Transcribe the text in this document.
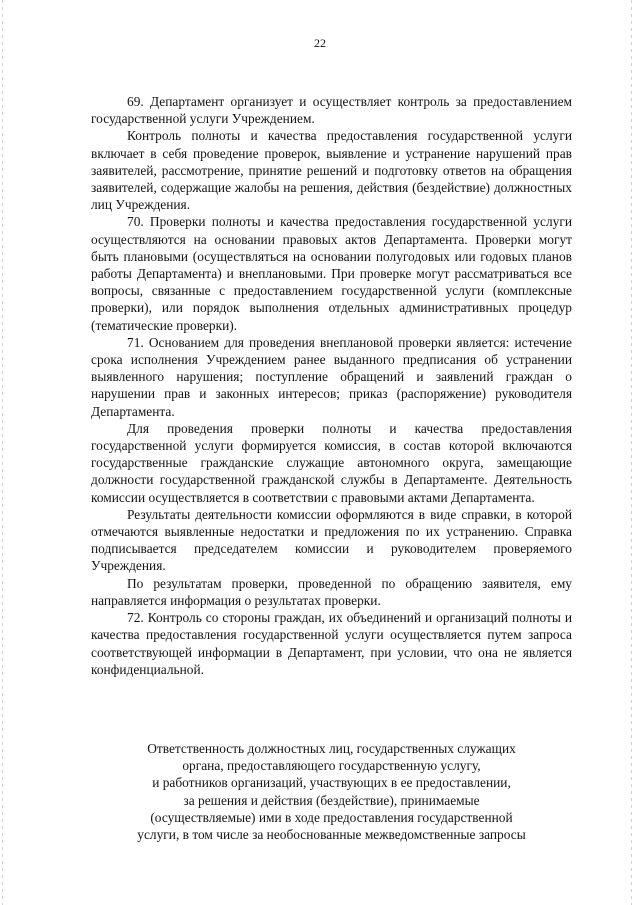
22

69. Департамент организует и осуществляет контроль за предоставлением государственной услуги Учреждением.

Контроль полноты и качества предоставления государственной услуги включает в себя проведение проверок, выявление и устранение нарушений прав заявителей, рассмотрение, принятие решений и подготовку ответов на обращения заявителей, содержащие жалобы на решения, действия (бездействие) должностных лиц Учреждения.

70. Проверки полноты и качества предоставления государственной услуги осуществляются на основании правовых актов Департамента. Проверки могут быть плановыми (осуществляться на основании полугодовых или годовых планов работы Департамента) и внеплановыми. При проверке могут рассматриваться все вопросы, связанные с предоставлением государственной услуги (комплексные проверки), или порядок выполнения отдельных административных процедур (тематические проверки).

71. Основанием для проведения внеплановой проверки является: истечение срока исполнения Учреждением ранее выданного предписания об устранении выявленного нарушения; поступление обращений и заявлений граждан о нарушении прав и законных интересов; приказ (распоряжение) руководителя Департамента.

Для проведения проверки полноты и качества предоставления государственной услуги формируется комиссия, в состав которой включаются государственные гражданские служащие автономного округа, замещающие должности государственной гражданской службы в Департаменте. Деятельность комиссии осуществляется в соответствии с правовыми актами Департамента.

Результаты деятельности комиссии оформляются в виде справки, в которой отмечаются выявленные недостатки и предложения по их устранению. Справка подписывается председателем комиссии и руководителем проверяемого Учреждения.

По результатам проверки, проведенной по обращению заявителя, ему направляется информация о результатах проверки.

72. Контроль со стороны граждан, их объединений и организаций полноты и качества предоставления государственной услуги осуществляется путем запроса соответствующей информации в Департамент, при условии, что она не является конфиденциальной.

Ответственность должностных лиц, государственных служащих
органа, предоставляющего государственную услугу,
и работников организаций, участвующих в ее предоставлении,
за решения и действия (бездействие), принимаемые
(осуществляемые) ими в ходе предоставления государственной
услуги, в том числе за необоснованные межведомственные запросы
